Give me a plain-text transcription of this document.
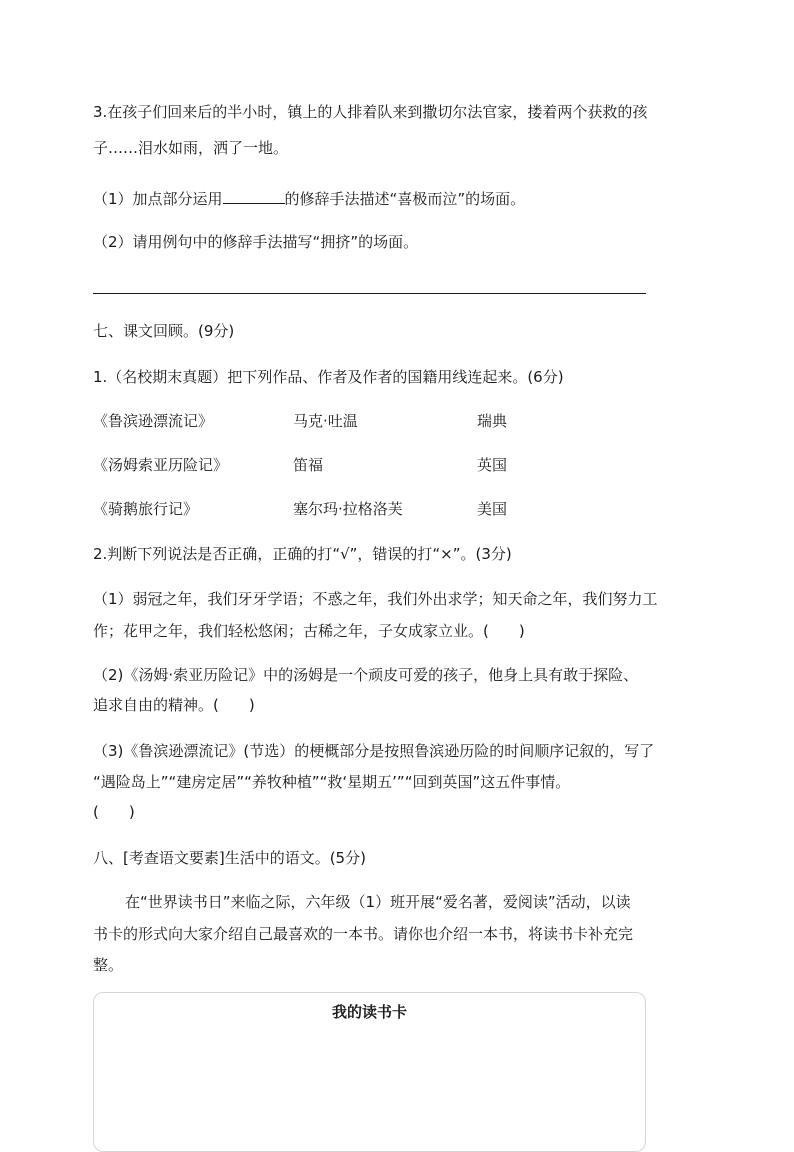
3.在孩子们回来后的半小时，镇上的人排着队来到撒切尔法官家，搂着两个获救的孩
子……泪水如雨，洒了一地。
（1）加点部分运用	的修辞手法描述“喜极而泣”的场面。
（2）请用例句中的修辞手法描写“拥挤”的场面。
七、课文回顾。(9分)
1.（名校期末真题）把下列作品、作者及作者的国籍用线连起来。(6分)
《鲁滨逊漂流记》	马克·吐温	瑞典
《汤姆索亚历险记》	笛福	英国
《骑鹅旅行记》	塞尔玛·拉格洛芙	美国
2.判断下列说法是否正确，正确的打“√”，错误的打“×”。(3分)
（1）弱冠之年，我们牙牙学语；不惑之年，我们外出求学；知天命之年，我们努力工
作；花甲之年，我们轻松悠闲；古稀之年，子女成家立业。(　　)
（2)《汤姆·索亚历险记》中的汤姆是一个顽皮可爱的孩子，他身上具有敢于探险、
追求自由的精神。(　　)
（3)《鲁滨逊漂流记》(节选）的梗概部分是按照鲁滨逊历险的时间顺序记叙的，写了
“遇险岛上”“建房定居”“养牧种植”“救‘星期五’”“回到英国”这五件事情。
(　　)
八、[考查语文要素]生活中的语文。(5分)
在“世界读书日”来临之际，六年级（1）班开展“爱名著，爱阅读”活动，以读
书卡的形式向大家介绍自己最喜欢的一本书。请你也介绍一本书，将读书卡补充完
整。
我的读书卡
